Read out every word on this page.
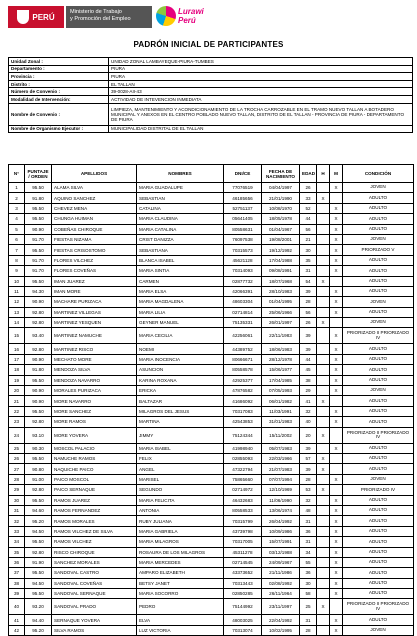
PERÚ
Ministerio de Trabajo
y Promoción del Empleo
Lurawi
Perú
PADRÓN INICIAL DE PARTICIPANTES
Unidad Zonal :	UNIDAD ZONAL LAMBAYEQUE-PIURA-TUMBES
Departamento :	PIURA
Provincia :	PIURA
Distrito :	EL TALLAN
Número de Convenio :	39-0028-AII-43
Modalidad de Intervención:	ACTIVIDAD DE INTEVENCION INMEDIATA
Nombre de Convenio :	LIMPIEZA, MANTENIMIENTO Y ACONDICIONAMIENTO DE LA TROCHA CARROZABLE EN EL TRAMO NUEVO TALLAN A BOTADERO MUNICIPAL Y ANEXOS EN EL CENTRO POBLADO NUEVO TALLAN, DISTRITO DE EL TALLAN - PROVINCIA DE PIURA - DEPARTAMENTO DE PIURA
Nombre de Organismo Ejecutor :	MUNICIPALIDAD DISTRITAL DE EL TALLAN
N°	PUNTAJE / ORDEN	APELLIDOS	NOMBRES	DNI/CE	FECHA DE NACIMIENTO	EDAD	H	M	CONDICIÓN
1	95.50	ALAMA SILVA	MARIA GUADALUPE	77076519	04/04/1997	26		X	JOVEN
2	91.80	AQUINO SANCHEZ	SEBASTIAN	46185656	21/01/1990	33	X		ADULTO
3	95.50	CHEVEZ MENA	CATALINA	52751137	10/08/1970	52		X	ADULTO
4	95.50	CHUNGA HUIMAN	MARIA CLAUDINA	05641405	18/05/1978	44		X	ADULTO
5	90.90	COBEÑAS CHIROQUE	MARIA CATALINA	80558631	01/04/1967	56		X	ADULTO
6	91.70	FIESTAS NIZAMA	CRIST DANIZZA	76097538	19/08/2001	21		X	JOVEN
7	95.50	FIESTAS CRISOSTOMO	SEBASTIANA	70315573	19/12/1992	30		X	PRIORIZADO V
8	91.70	FLORES VILCHEZ	BLANCA ISABEL	45621128	17/04/1988	35		X	ADULTO
9	91.70	FLORES COVEÑAS	MARIA SINTIA	70314093	09/08/1991	31		X	ADULTO
10	95.50	IMAN JUAREZ	CARMEN	02877732	18/07/1968	54	X		ADULTO
11	94.30	IMAN MORE	MARIA ELSA	42066391	28/10/1983	39		X	ADULTO
12	90.90	MACHARE PURIZACA	MARIA MAGDALENA	48603304	01/04/1995	28		X	JOVEN
13	92.80	MARTINEZ VILLEGAS	MARIA LILIA	02714814	25/06/1966	56		X	ADULTO
14	92.80	MARTINEZ YESQUEN	GEYNER MANUEL	75135331	26/01/1997	26	X		JOVEN
15	93.40	MARTINEZ NAMUCHE	MARIA CECILIA	42256061	22/11/1983	39		X	PRIORIZADO II PRIORIZADO IV
16	92.80	MARTINEZ RISCO	NOEMI	44389752	18/06/1983	39		X	ADULTO
17	90.90	MECHATO MORE	MARIA INOCENCIA	80666671	28/12/1978	44		X	ADULTO
18	91.80	MENDOZA SILVA	ASUNCION	80558578	15/06/1977	45		X	ADULTO
19	95.50	MENDOZA NAVARRO	KARINA ROXANA	42925377	17/04/1985	38		X	ADULTO
20	90.90	MORALES PURIZACA	ERICKA	47876582	07/05/1993	29		X	JOVEN
21	90.90	MORE NAVARRO	BALTAZAR	41686092	06/01/1982	41	X		ADULTO
22	95.50	MORE SANCHEZ	MILAGROS DEL JESUS	70317083	11/03/1991	32		X	ADULTO
23	92.80	MORE RAMOS	MARTINA	42543853	31/01/1983	40		X	ADULTO
24	93.10	MORE YOVERA	JIMMY	75124344	15/11/2002	20	X		PRIORIZADO II PRIORIZADO IV
25	90.30	MOSCOL PALACIO	MARIA ISABEL	41998940	05/07/1983	39		X	ADULTO
26	95.50	NAMUCHE RAMOS	FELIX	02855093	22/03/1966	57	X		ADULTO
27	90.80	NAQUICHE PAICO	ANGEL	47322794	21/07/1983	39	X		ADULTO
28	91.00	PAICO MOSCOL	MARISEL	75865660	07/07/1994	28		X	JOVEN
29	92.80	PAICO SERNAQUE	SEGUNDO	02714972	12/10/1969	53	X		PRIORIZADO IV
30	95.50	RAMOS JUAREZ	MARIA FELICITA	46432683	11/06/1990	32		X	ADULTO
31	94.60	RAMOS FERNANDEZ	ANTONIA	80558533	13/06/1974	48		X	ADULTO
32	95.20	RAMOS MORALES	RUBY JULIANA	70315799	26/04/1992	31		X	ADULTO
33	94.50	RAMOS VILCHEZ DE SILVA	MARIA GABRIELA	43739798	10/09/1986	36		X	ADULTO
34	95.50	RAMOS VILCHEZ	MARIA MILAGROS	70317005	15/07/1991	31		X	ADULTO
35	92.80	RISCO CHIROQUE	ROSAURA DE LOS MILAGROS	45311278	03/12/1988	34		X	ADULTO
36	91.90	SANCHEZ MORALES	MARIA MERCEDES	02714545	24/09/1967	55		X	ADULTO
37	95.50	SANDOVAL CASTRO	AMPARO ELIZABETH	43373652	21/11/1986	36		X	ADULTO
38	94.50	SANDOVAL COVEÑAS	BETSY JANET	70313443	02/08/1992	30		X	ADULTO
39	95.50	SANDOVAL SERNAQUE	MARIA SOCORRO	02850285	26/11/1964	58		X	ADULTO
40	93.20	SANDOVAL PRADO	PEDRO	75144992	23/11/1997	25	X		PRIORIZADO II PRIORIZADO IV
41	94.40	SERNAQUE YOVERA	ELVA	48003025	22/04/1992	31		X	ADULTO
42	95.20	SILVA RAMOS	LUZ VICTORIA	70313074	10/02/1995	28		X	JOVEN
